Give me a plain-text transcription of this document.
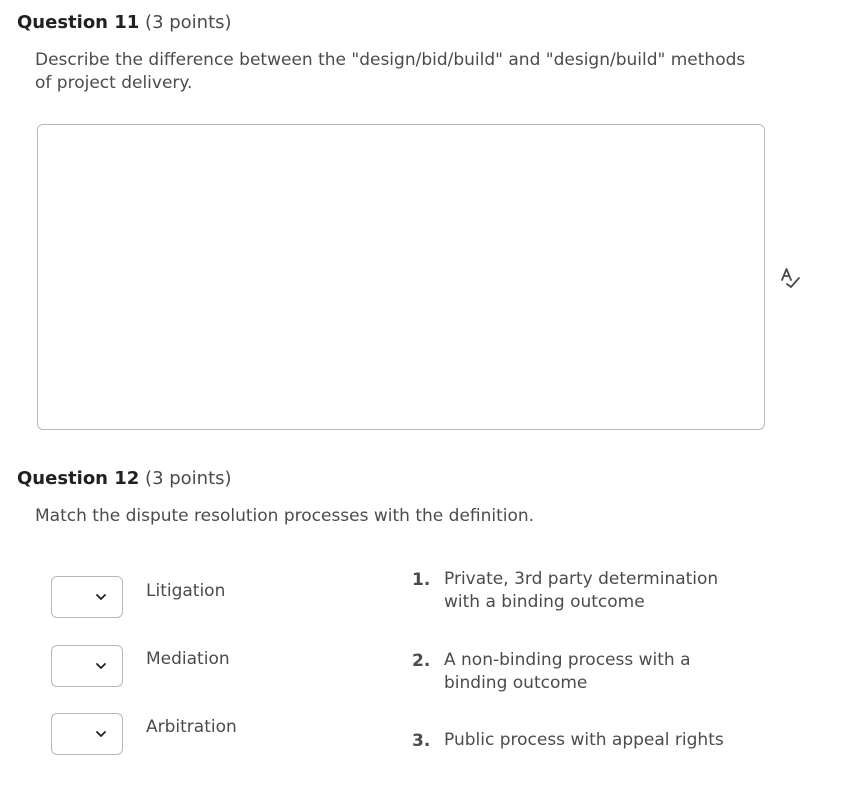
Question 11 (3 points)
Describe the difference between the "design/bid/build" and "design/build" methods of project delivery.
Question 12 (3 points)
Match the dispute resolution processes with the definition.
Litigation
Mediation
Arbitration
1. Private, 3rd party determination with a binding outcome
2. A non-binding process with a binding outcome
3. Public process with appeal rights
